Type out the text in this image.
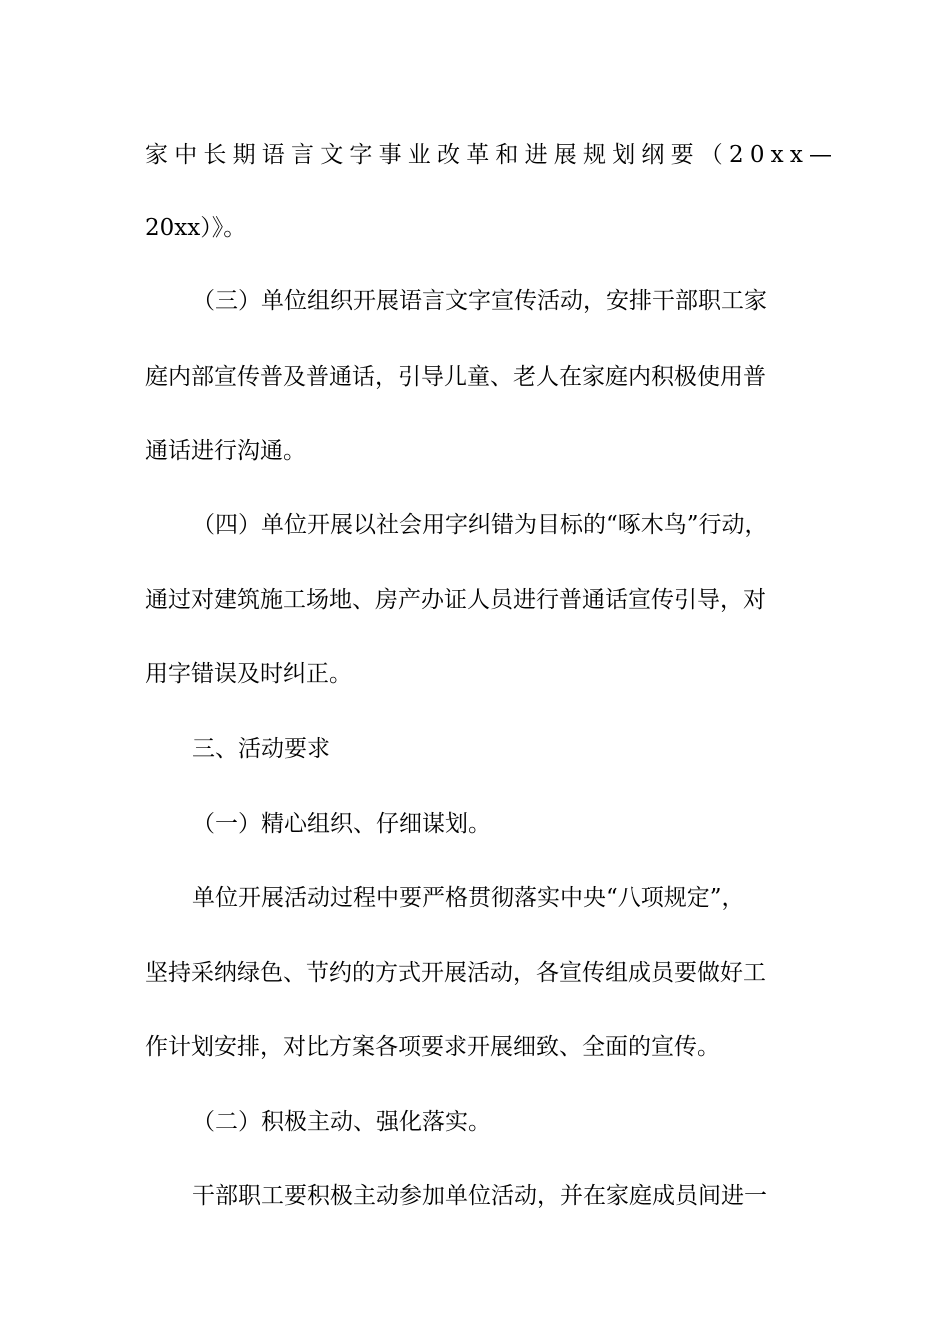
家中长期语言文字事业改革和进展规划纲要（20xx—
20xx）》。
（三）单位组织开展语言文字宣传活动，安排干部职工家
庭内部宣传普及普通话，引导儿童、老人在家庭内积极使用普
通话进行沟通。
（四）单位开展以社会用字纠错为目标的“啄木鸟”行动，
通过对建筑施工场地、房产办证人员进行普通话宣传引导，对
用字错误及时纠正。
三、活动要求
（一）精心组织、仔细谋划。
单位开展活动过程中要严格贯彻落实中央“八项规定”，
坚持采纳绿色、节约的方式开展活动，各宣传组成员要做好工
作计划安排，对比方案各项要求开展细致、全面的宣传。
（二）积极主动、强化落实。
干部职工要积极主动参加单位活动，并在家庭成员间进一
